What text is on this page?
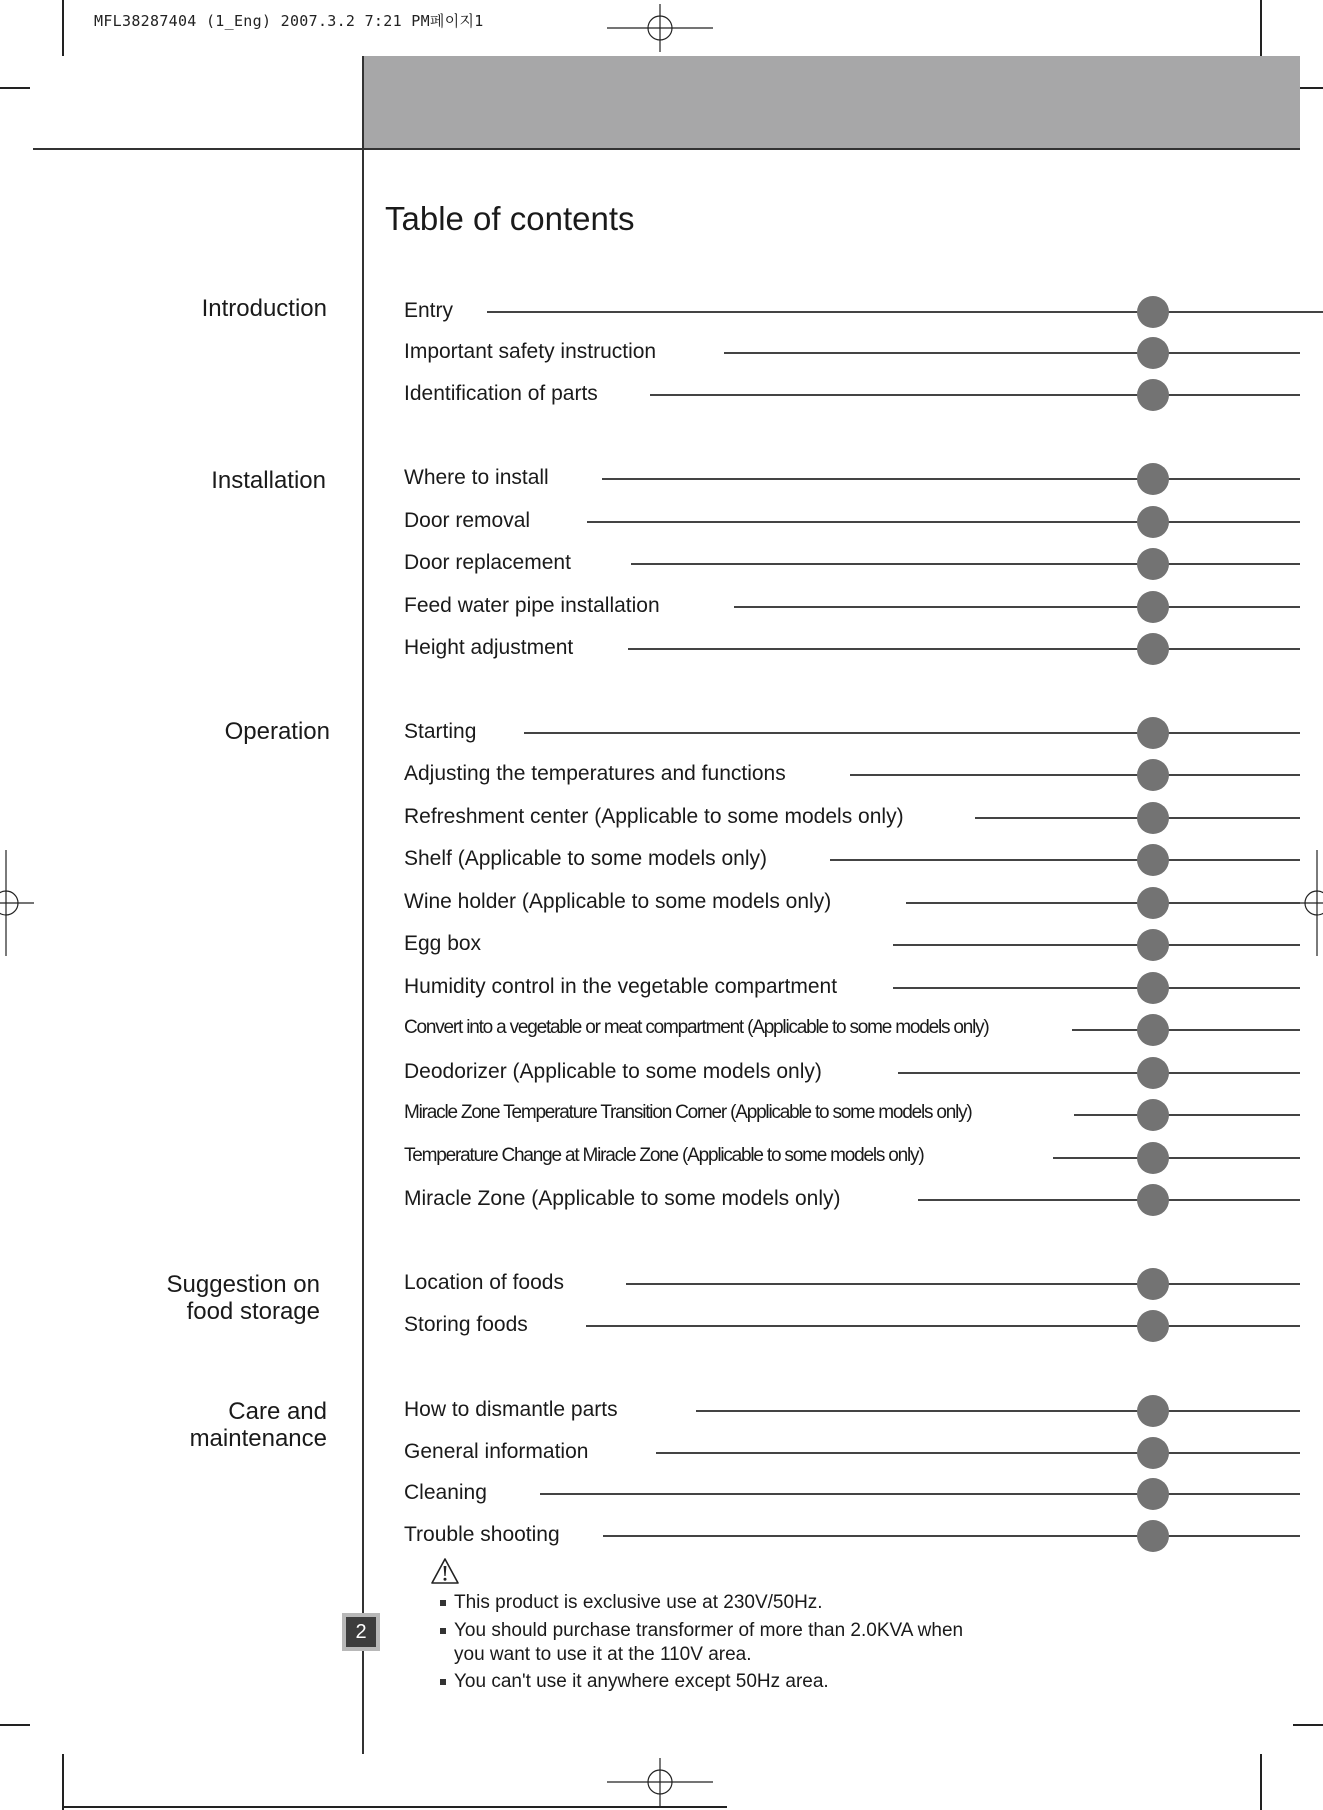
MFL38287404 (1_Eng) 2007.3.2 7:21 PM페이지1
Table of contents
Introduction
Installation
Operation
Suggestion on
food storage
Care and
maintenance
Entry
Important safety instruction
Identification of parts
Where to install
Door removal
Door replacement
Feed water pipe installation
Height adjustment
Starting
Adjusting the temperatures and functions
Refreshment center (Applicable to some models only)
Shelf (Applicable to some models only)
Wine holder (Applicable to some models only)
Egg box
Humidity control in the vegetable compartment
Convert into a vegetable or meat compartment (Applicable to some models only)
Deodorizer (Applicable to some models only)
Miracle Zone Temperature Transition Corner (Applicable to some models only)
Temperature Change at Miracle Zone (Applicable to some models only)
Miracle Zone (Applicable to some models only)
Location of foods
Storing foods
How to dismantle parts
General information
Cleaning
Trouble shooting
This product is exclusive use at 230V/50Hz.
You should purchase transformer of more than 2.0KVA when
you want to use it at the 110V area.
You can't use it anywhere except 50Hz area.
2
